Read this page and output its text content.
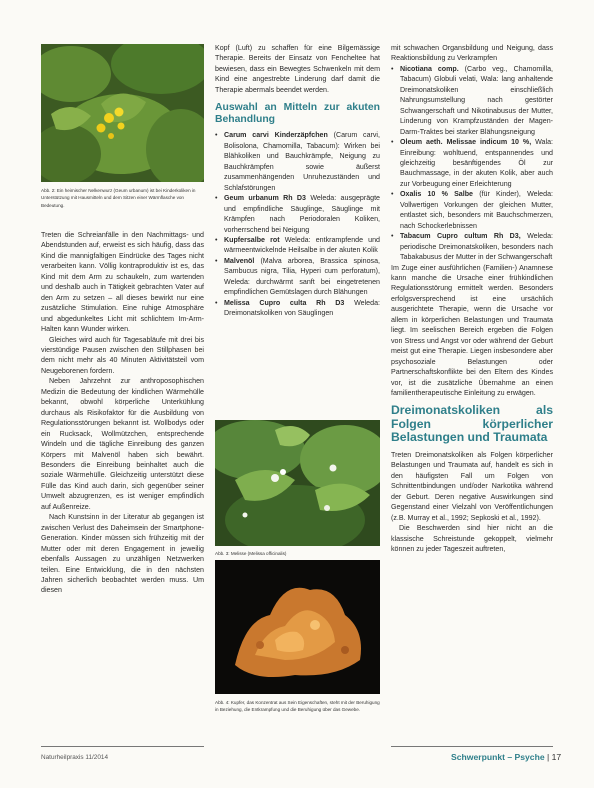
Abb. 2: Ein heimischer Nelkenwurz (Geum urbanum) ist bei Kinderkoliken in Unterstützung mit Hausmitteln und dem Sitzen einer Wärmflasche von Bedeutung.

Treten die Schreianfälle in den Nachmittags- und Abendstunden auf, erweist es sich häufig, dass das Kind die mannigfaltigen Eindrücke des Tages nicht verarbeiten kann. Völlig kontraproduktiv ist es, das Kind mit dem Arm zu schaukeln, zum wartenden und deshalb auch in Tätigkeit gebrachten Vater auf den Arm zu setzen – all dieses bewirkt nur eine zusätzliche Stimulation. Eine ruhige Atmosphäre und abgedunkeltes Licht mit schlichtem Im-Arm-Halten kann Wunder wirken.

Gleiches wird auch für Tagesabläufe mit drei bis vierstündige Pausen zwischen den Stillphasen bei dem nicht mehr als 40 Minuten Aktivitätsteil vom Neugeborenen fordern.

Neben Jahrzehnt zur anthroposophischen Medizin die Bedeutung der kindlichen Wärmehülle bekannt, obwohl körperliche Unterkühlung durchaus als Risikofaktor für die Ausbildung von Regulationsstörungen bekannt ist. Wollbodys oder ein Rucksack, Wollmützchen, entsprechende Windeln und die tägliche Einreibung des ganzen Körpers mit Malvenöl haben sich bewährt. Besonders die Einreibung beinhaltet auch die soziale Wärmehülle. Gleichzeitig unterstützt diese Fülle das Kind auch darin, sich gegenüber seiner Umwelt abzugrenzen, es ist weniger empfindlich auf Außenreize.

Nach Kunstsinn in der Literatur ab gegangen ist zwischen Verlust des Daheimsein der Smartphone-Generation. Kinder müssen sich frühzeitig mit der Mutter oder mit deren Engagement in jeweilig ebenfalls Aussagen zu unzähligen Netzwerken teilen. Eine Entwicklung, die in den nächsten Jahren sicherlich beobachtet werden muss. Um diesen

Kopf (Luft) zu schaffen für eine Bilgemässige Therapie. Bereits der Einsatz von Fencheltee hat bewiesen, dass ein Bewegtes Schwenkeln mit dem Kind eine angestrebte Linderung darf damit die Therapie abermals beendet werden.

Auswahl an Mitteln zur akuten Behandlung

• Carum carvi Kinderzäpfchen (Carum carvi, Bolisolona, Chamomilla, Tabacum): Wirken bei Blähkoliken und Bauchkrämpfe, Neigung zu Bauchkrämpfen sowie äußerst zusammenhängenden Unruhezuständen und Schlafstörungen
• Geum urbanum Rh D3 Weleda: ausgeprägte und empfindliche Säuglinge, Säuglinge mit Krämpfen nach Periodoralen Koliken, vorherrschend bei Neigung
• Kupfersalbe rot Weleda: entkrampfende und wärmeentwickelnde Heilsalbe in der akuten Kolik
• Malvenöl (Malva arborea, Brassica spinosa, Sambucus nigra, Tilia, Hyperi cum perforatum), Weleda: durchwärmt sanft bei eingetretenen empfindlichen Gemütslagen durch Blähungen
• Melissa Cupro culta Rh D3 Weleda: Dreimonatskoliken von Säuglingen
Abb. 3: Melisse (Melissa officinalis)
Abb. 4: Kupfer, das Konzentrat aus Sein Eigenschaften, steht mit der Beruhigung in Beziehung, die Entkrampfung und die Beruhigung über das Gewebe.

mit schwachen Organsbildung und Neigung, dass Reaktionsbildung zu Verkrampfen

• Nicotiana comp. (Carbo veg., Chamomilla, Tabacum) Globuli velati, Wala: lang anhaltende Dreimonatskoliken einschließlich Nahrungsumstellung nach gestörter Schwangerschaft und Nikotinabusus der Mutter, Linderung von Krampfzuständen der Magen-Darm-Traktes bei starker Blähungsneigung
• Oleum aeth. Melissae indicum 10 %, Wala: Einreibung: wohltuend, entspannendes und gleichzeitig besänftigendes Öl zur Bauchmassage, in der akuten Kolik, aber auch zur Vorbeugung einer Erleichterung
• Oxalis 10 % Salbe (für Kinder), Weleda: Vollwertigen Vorkungen der gleichen Mutter, entlastet sich, besonders mit Bauchschmerzen, nach Schockerlebnissen
• Tabacum Cupro cultum Rh D3, Weleda: periodische Dreimonatskoliken, besonders nach Tabakabusus der Mutter in der Schwangerschaft

Im Zuge einer ausführlichen (Familien-) Anamnese kann manche die Ursache einer frühkindlichen Regulationsstörung ermittelt werden. Besonders erfolgsversprechend ist eine ursächlich ausgerichtete Therapie, wenn die Ursache vor allem in körperlichen Belastungen und Traumata liegt. Im seelischen Bereich ergeben die Folgen von Stress und Angst vor oder während der Geburt meist gut eine Therapie. Liegen insbesondere aber psychosoziale Belastungen oder Partnerschaftskonflikte bei den Eltern des Kindes vor, ist die zusätzliche Übernahme an einen familientherapeutische Einleitung zu erwägen.

Dreimonatskoliken als Folgen körperlicher Belastungen und Traumata

Treten Dreimonatskoliken als Folgen körperlicher Belastungen und Traumata auf, handelt es sich in den häufigsten Fall um Folgen von Schnittentbindungen und/oder Narkotika während der Geburt. Deren negative Auswirkungen sind Gegenstand einer Vielzahl von Veröffentlichungen (z.B. Murray et al., 1992; Sepkoski et al., 1992).

Die Beschwerden sind hier nicht an die klassische Schreistunde gekoppelt, vielmehr können zu jeder Tageszeit auftreten,

Naturheilpraxis 11/2014	Schwerpunkt – Psyche | 17
